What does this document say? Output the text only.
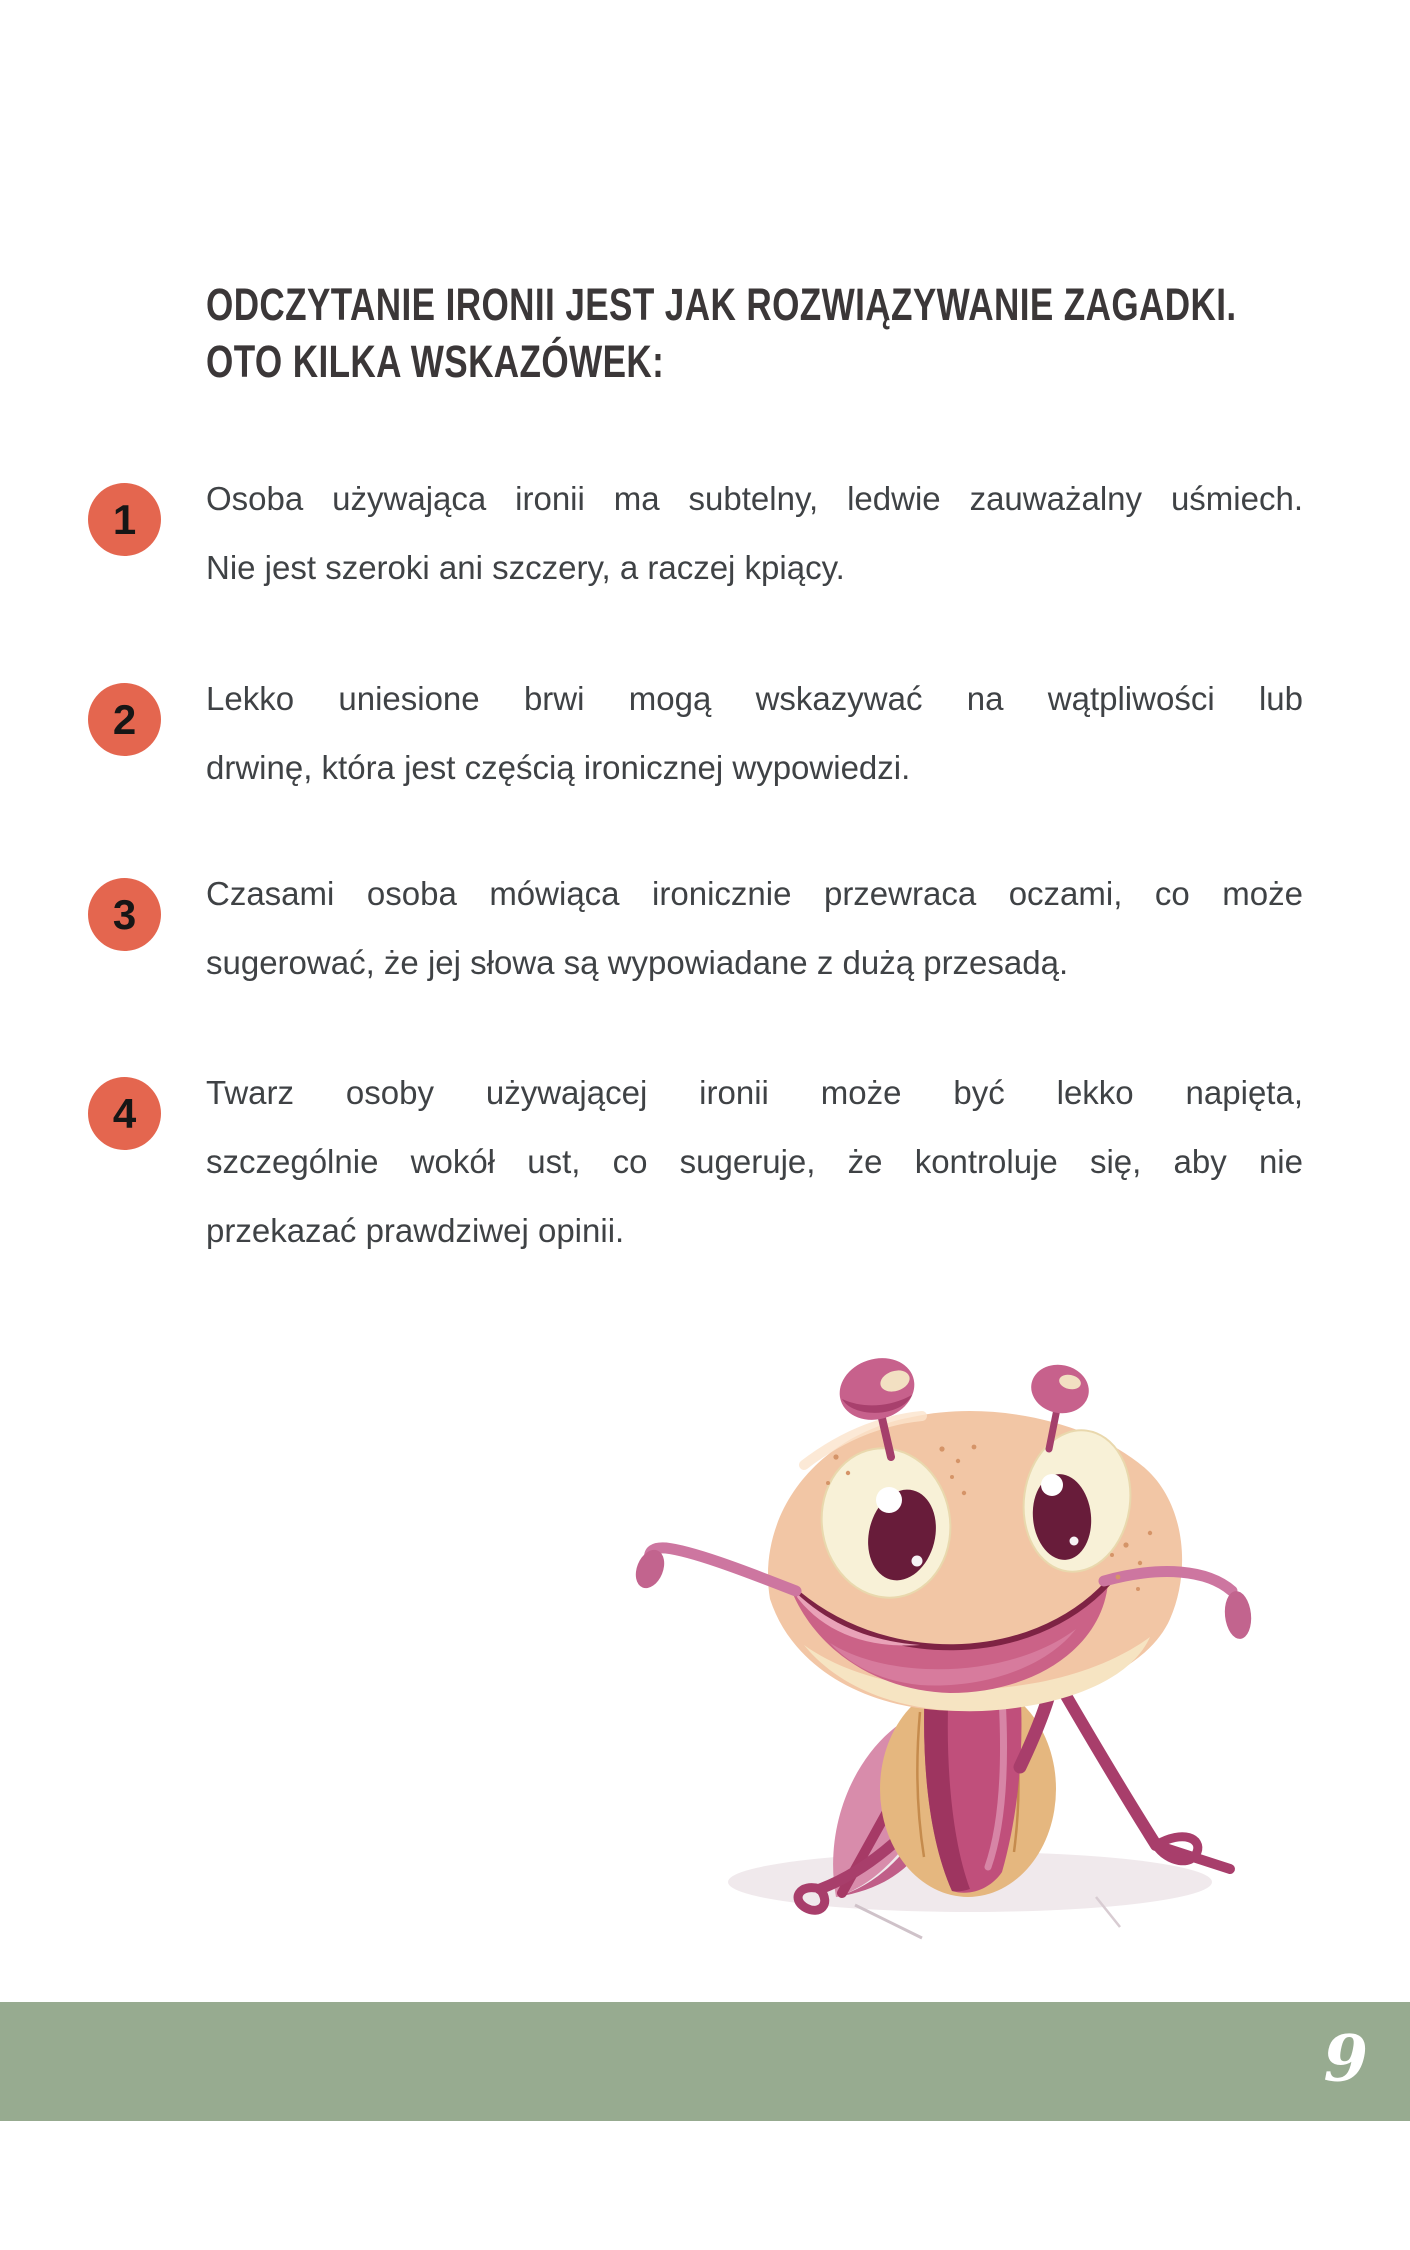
ODCZYTANIE IRONII JEST JAK ROZWIĄZYWANIE ZAGADKI.
OTO KILKA WSKAZÓWEK:
1	Osoba używająca ironii ma subtelny, ledwie zauważalny uśmiech.
Nie jest szeroki ani szczery, a raczej kpiący.
2	Lekko uniesione brwi mogą wskazywać na wątpliwości lub
drwinę, która jest częścią ironicznej wypowiedzi.
3	Czasami osoba mówiąca ironicznie przewraca oczami, co może
sugerować, że jej słowa są wypowiadane z dużą przesadą.
4	Twarz osoby używającej ironii może być lekko napięta,
szczególnie wokół ust, co sugeruje, że kontroluje się, aby nie
przekazać prawdziwej opinii.
9
